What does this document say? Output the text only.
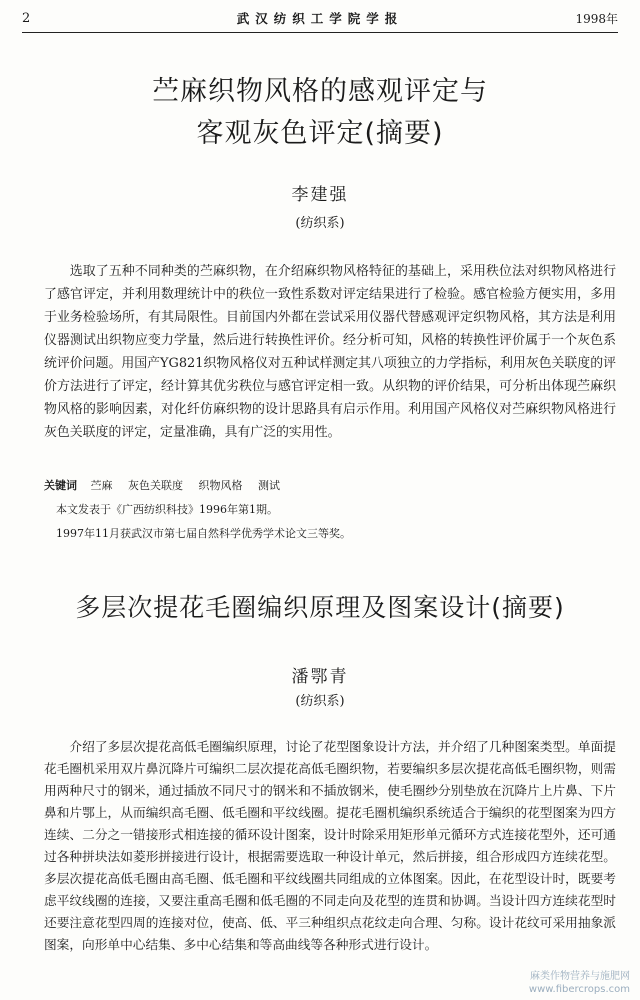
2	武汉纺织工学院学报	1998年
苎麻织物风格的感观评定与
客观灰色评定(摘要)
李建强
(纺织系)

选取了五种不同种类的苎麻织物，在介绍麻织物风格特征的基础上，采用秩位法对织物风格进行了感官评定，并利用数理统计中的秩位一致性系数对评定结果进行了检验。感官检验方便实用，多用于业务检验场所，有其局限性。目前国内外都在尝试采用仪器代替感观评定织物风格，其方法是利用仪器测试出织物应变力学量，然后进行转换性评价。经分析可知，风格的转换性评价属于一个灰色系统评价问题。用国产YG821织物风格仪对五种试样测定其八项独立的力学指标，利用灰色关联度的评价方法进行了评定，经计算其优劣秩位与感官评定相一致。从织物的评价结果，可分析出体现苎麻织物风格的影响因素，对化纤仿麻织物的设计思路具有启示作用。利用国产风格仪对苎麻织物风格进行灰色关联度的评定，定量准确，具有广泛的实用性。

关键词 苎麻 灰色关联度 织物风格 测试
本文发表于《广西纺织科技》1996年第1期。
1997年11月获武汉市第七届自然科学优秀学术论文三等奖。
多层次提花毛圈编织原理及图案设计(摘要)
潘鄂青
(纺织系)

介绍了多层次提花高低毛圈编织原理，讨论了花型图象设计方法，并介绍了几种图案类型。单面提花毛圈机采用双片鼻沉降片可编织二层次提花高低毛圈织物，若要编织多层次提花高低毛圈织物，则需用两种尺寸的钢米，通过插放不同尺寸的钢米和不插放钢米，使毛圈纱分别垫放在沉降片上片鼻、下片鼻和片鄂上，从而编织高毛圈、低毛圈和平纹线圈。提花毛圈机编织系统适合于编织的花型图案为四方连续、二分之一错接形式相连接的循环设计图案，设计时除采用矩形单元循环方式连接花型外，还可通过各种拼块法如菱形拼接进行设计，根据需要选取一种设计单元，然后拼接，组合形成四方连续花型。多层次提花高低毛圈由高毛圈、低毛圈和平纹线圈共同组成的立体图案。因此，在花型设计时，既要考虑平纹线圈的连接，又要注重高毛圈和低毛圈的不同走向及花型的连贯和协调。当设计四方连续花型时还要注意花型四周的连接对位，使高、低、平三种组织点花纹走向合理、匀称。设计花纹可采用抽象派图案，向形单中心结集、多中心结集和等高曲线等各种形式进行设计。

麻类作物营养与施肥网
www.fibercrops.com
